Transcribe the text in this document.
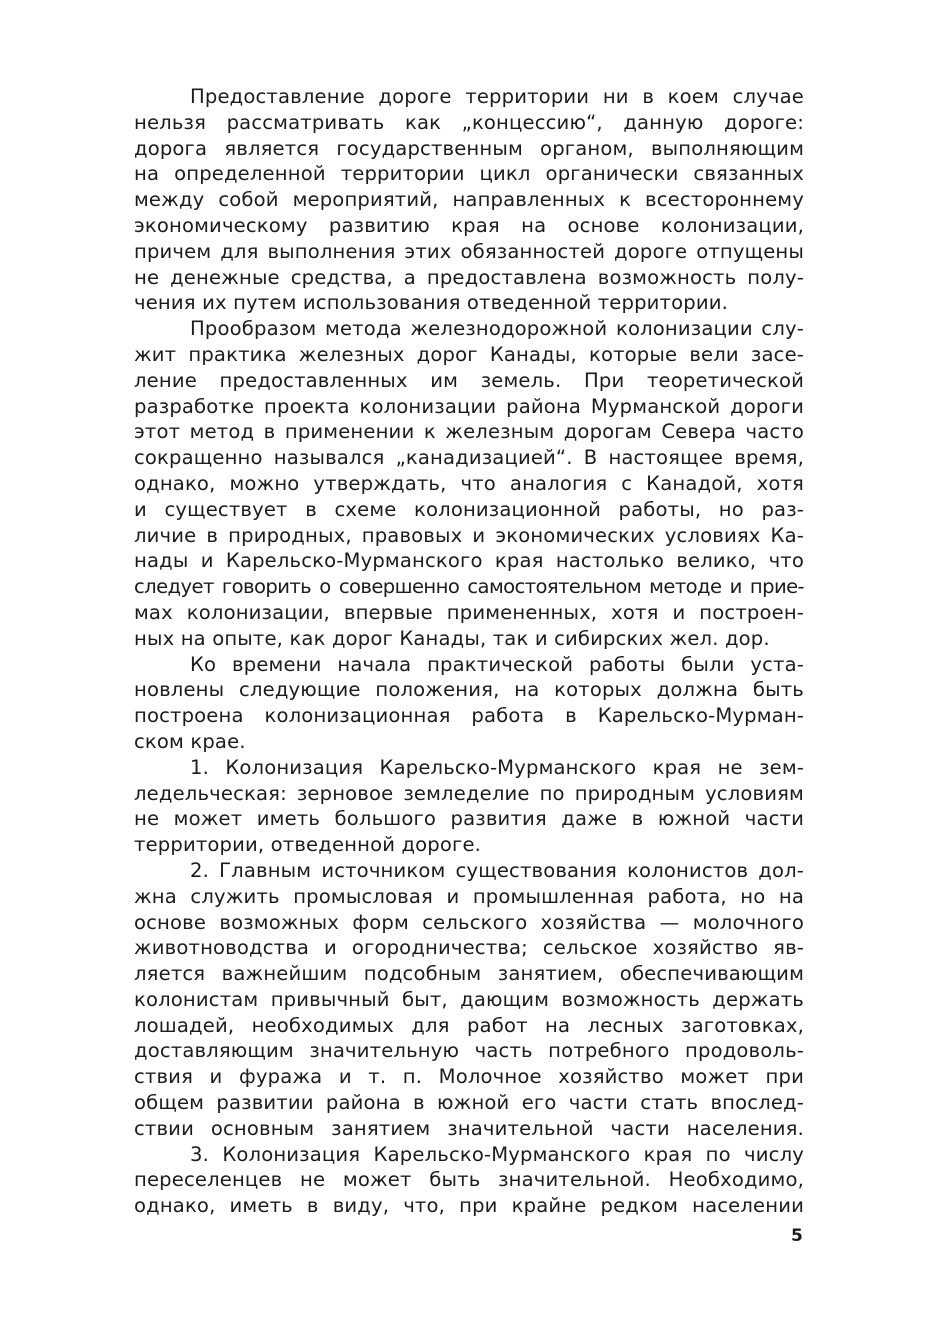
Предоставление дороге территории ни в коем случае
нельзя рассматривать как „концессию“, данную дороге:
дорога является государственным органом, выполняющим
на определенной территории цикл органически связанных
между собой мероприятий, направленных к всестороннему
экономическому развитию края на основе колонизации,
причем для выполнения этих обязанностей дороге отпущены
не денежные средства, а предоставлена возможность полу-
чения их путем использования отведенной территории.
Прообразом метода железнодорожной колонизации слу-
жит практика железных дорог Канады, которые вели засе-
ление предоставленных им земель. При теоретической
разработке проекта колонизации района Мурманской дороги
этот метод в применении к железным дорогам Севера часто
сокращенно назывался „канадизацией“. В настоящее время,
однако, можно утверждать, что аналогия с Канадой, хотя
и существует в схеме колонизационной работы, но раз-
личие в природных, правовых и экономических условиях Ка-
нады и Карельско-Мурманского края настолько велико, что
следует говорить о совершенно самостоятельном методе и прие-
мах колонизации, впервые примененных, хотя и построен-
ных на опыте, как дорог Канады, так и сибирских жел. дор.
Ко времени начала практической работы были уста-
новлены следующие положения, на которых должна быть
построена колонизационная работа в Карельско-Мурман-
ском крае.
1. Колонизация Карельско-Мурманского края не зем-
ледельческая: зерновое земледелие по природным условиям
не может иметь большого развития даже в южной части
территории, отведенной дороге.
2. Главным источником существования колонистов дол-
жна служить промысловая и промышленная работа, но на
основе возможных форм сельского хозяйства — молочного
животноводства и огородничества; сельское хозяйство яв-
ляется важнейшим подсобным занятием, обеспечивающим
колонистам привычный быт, дающим возможность держать
лошадей, необходимых для работ на лесных заготовках,
доставляющим значительную часть потребного продоволь-
ствия и фуража и т. п. Молочное хозяйство может при
общем развитии района в южной его части стать впослед-
ствии основным занятием значительной части населения.
3. Колонизация Карельско-Мурманского края по числу
переселенцев не может быть значительной. Необходимо,
однако, иметь в виду, что, при крайне редком населении
5
